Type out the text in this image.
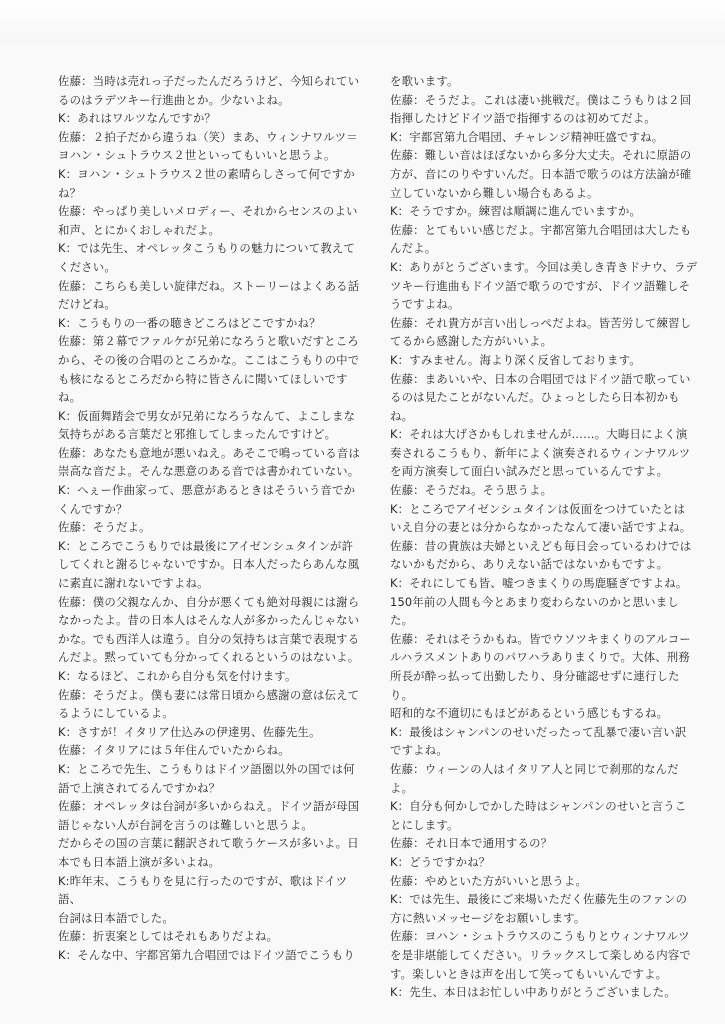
佐藤：当時は売れっ子だったんだろうけど、今知られてい
るのはラデツキー行進曲とか。少ないよね。

K：あれはワルツなんですか？

佐藤：２拍子だから違うね（笑）まあ、ウィンナワルツ＝
ヨハン・シュトラウス２世といってもいいと思うよ。

K：ヨハン・シュトラウス２世の素晴らしさって何ですか
ね？

佐藤：やっぱり美しいメロディー、それからセンスのよい
和声、とにかくおしゃれだよ。

K：では先生、オペレッタこうもりの魅力について教えて
ください。

佐藤：こちらも美しい旋律だね。ストーリーはよくある話
だけどね。

K：こうもりの一番の聴きどころはどこですかね？

佐藤：第２幕でファルケが兄弟になろうと歌いだすところ
から、その後の合唱のところかな。ここはこうもりの中で
も核になるところだから特に皆さんに聞いてほしいですね。

K：仮面舞踏会で男女が兄弟になろうなんて、よこしまな
気持ちがある言葉だと邪推してしまったんですけど。

佐藤：あなたも意地が悪いねえ。あそこで鳴っている音は
崇高な音だよ。そんな悪意のある音では書かれていない。

K：へぇー作曲家って、悪意があるときはそういう音でか
くんですか？

佐藤：そうだよ。

K：ところでこうもりでは最後にアイゼンシュタインが許
してくれと謝るじゃないですか。日本人だったらあんな風
に素直に謝れないですよね。

佐藤：僕の父親なんか、自分が悪くても絶対母親には謝ら
なかったよ。昔の日本人はそんな人が多かったんじゃない
かな。でも西洋人は違う。自分の気持ちは言葉で表現する
んだよ。黙っていても分かってくれるというのはないよ。

K：なるほど、これから自分も気を付けます。

佐藤：そうだよ。僕も妻には常日頃から感謝の意は伝えて
るようにしているよ。

K：さすが！イタリア仕込みの伊達男、佐藤先生。

佐藤：イタリアには５年住んでいたからね。

K：ところで先生、こうもりはドイツ語圏以外の国では何
語で上演されてるんですかね？

佐藤：オペレッタは台詞が多いからねえ。ドイツ語が母国
語じゃない人が台詞を言うのは難しいと思うよ。
だからその国の言葉に翻訳されて歌うケースが多いよ。日
本でも日本語上演が多いよね。

K:昨年末、こうもりを見に行ったのですが、歌はドイツ語、
台詞は日本語でした。

佐藤：折衷案としてはそれもありだよね。

K：そんな中、宇都宮第九合唱団ではドイツ語でこうもり

を歌います。

佐藤：そうだよ。これは凄い挑戦だ。僕はこうもりは２回
指揮したけどドイツ語で指揮するのは初めてだよ。

K：宇都宮第九合唱団、チャレンジ精神旺盛ですね。

佐藤：難しい音はほぼないから多分大丈夫。それに原語の
方が、音にのりやすいんだ。日本語で歌うのは方法論が確
立していないから難しい場合もあるよ。

K：そうですか。練習は順調に進んでいますか。

佐藤：とてもいい感じだよ。宇都宮第九合唱団は大したも
んだよ。

K：ありがとうございます。今回は美しき青きドナウ、ラデ
ツキー行進曲もドイツ語で歌うのですが、ドイツ語難しそ
うですよね。

佐藤：それ貴方が言い出しっぺだよね。皆苦労して練習し
てるから感謝した方がいいよ。

K：すみません。海より深く反省しております。

佐藤：まあいいや、日本の合唱団ではドイツ語で歌ってい
るのは見たことがないんだ。ひょっとしたら日本初かもね。

K：それは大げさかもしれませんが……。大晦日によく演
奏されるこうもり、新年によく演奏されるウィンナワルツ
を両方演奏して面白い試みだと思っているんですよ。

佐藤：そうだね。そう思うよ。

K：ところでアイゼンシュタインは仮面をつけていたとは
いえ自分の妻とは分からなかったなんて凄い話ですよね。

佐藤：昔の貴族は夫婦といえども毎日会っているわけでは
ないかもだから、ありえない話ではないかもですよ。

K：それにしても皆、嘘つきまくりの馬鹿騒ぎですよね。
150年前の人間も今とあまり変わらないのかと思いました。

佐藤：それはそうかもね。皆でウソツキまくりのアルコー
ルハラスメントありのパワハラありまくりで。大体、刑務
所長が酔っ払って出勤したり、身分確認せずに連行したり。
昭和的な不適切にもほどがあるという感じもするね。

K：最後はシャンパンのせいだったって乱暴で凄い言い訳
ですよね。

佐藤：ウィーンの人はイタリア人と同じで刹那的なんだよ。

K：自分も何かしでかした時はシャンパンのせいと言うこ
とにします。

佐藤：それ日本で通用するの？

K：どうですかね？

佐藤：やめといた方がいいと思うよ。

K：では先生、最後にご来場いただく佐藤先生のファンの
方に熱いメッセージをお願いします。

佐藤：ヨハン・シュトラウスのこうもりとウィンナワルツ
を是非堪能してください。リラックスして楽しめる内容で
す。楽しいときは声を出して笑ってもいいんですよ。

K：先生、本日はお忙しい中ありがとうございました。
